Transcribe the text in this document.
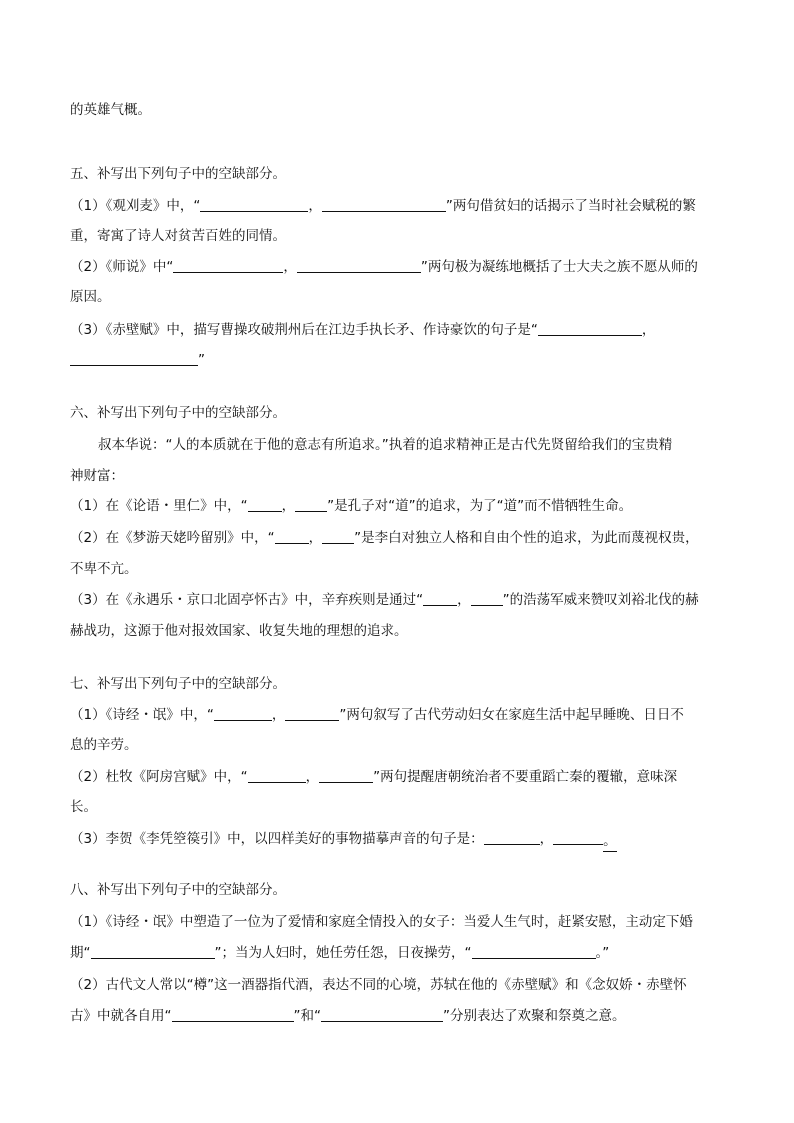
的英雄气概。
五、补写出下列句子中的空缺部分。
（1）《观刈麦》中，“	，	”两句借贫妇的话揭示了当时社会赋税的繁
重，寄寓了诗人对贫苦百姓的同情。
（2）《师说》中“	，	”两句极为凝练地概括了士大夫之族不愿从师的
原因。
（3）《赤壁赋》中，描写曹操攻破荆州后在江边手执长矛、作诗豪饮的句子是“	，
”
六、补写出下列句子中的空缺部分。
叔本华说：“人的本质就在于他的意志有所追求。”执着的追求精神正是古代先贤留给我们的宝贵精
神财富：
（1）在《论语・里仁》中，“	， ”是孔子对“道”的追求，为了“道”而不惜牺牲生命。
（2）在《梦游天姥吟留别》中，“	， ”是李白对独立人格和自由个性的追求，为此而蔑视权贵，
不卑不亢。
（3）在《永遇乐・京口北固亭怀古》中，辛弃疾则是通过“	， ”的浩荡军威来赞叹刘裕北伐的赫
赫战功，这源于他对报效国家、收复失地的理想的追求。
七、补写出下列句子中的空缺部分。
（1）《诗经・氓》中，“	，	”两句叙写了古代劳动妇女在家庭生活中起早睡晚、日日不
息的辛劳。
（2）杜牧《阿房宫赋》中，“	，	”两句提醒唐朝统治者不要重蹈亡秦的覆辙，意味深
长。
（3）李贺《李凭箜篌引》中，以四样美好的事物描摹声音的句子是：	，	。
八、补写出下列句子中的空缺部分。
（1）《诗经・氓》中塑造了一位为了爱情和家庭全情投入的女子：当爱人生气时，赶紧安慰，主动定下婚
期“	”；当为人妇时，她任劳任怨，日夜操劳，“	。”
（2）古代文人常以“樽”这一酒器指代酒，表达不同的心境，苏轼在他的《赤壁赋》和《念奴娇・赤壁怀
古》中就各自用“	”和“	”分别表达了欢聚和祭奠之意。
